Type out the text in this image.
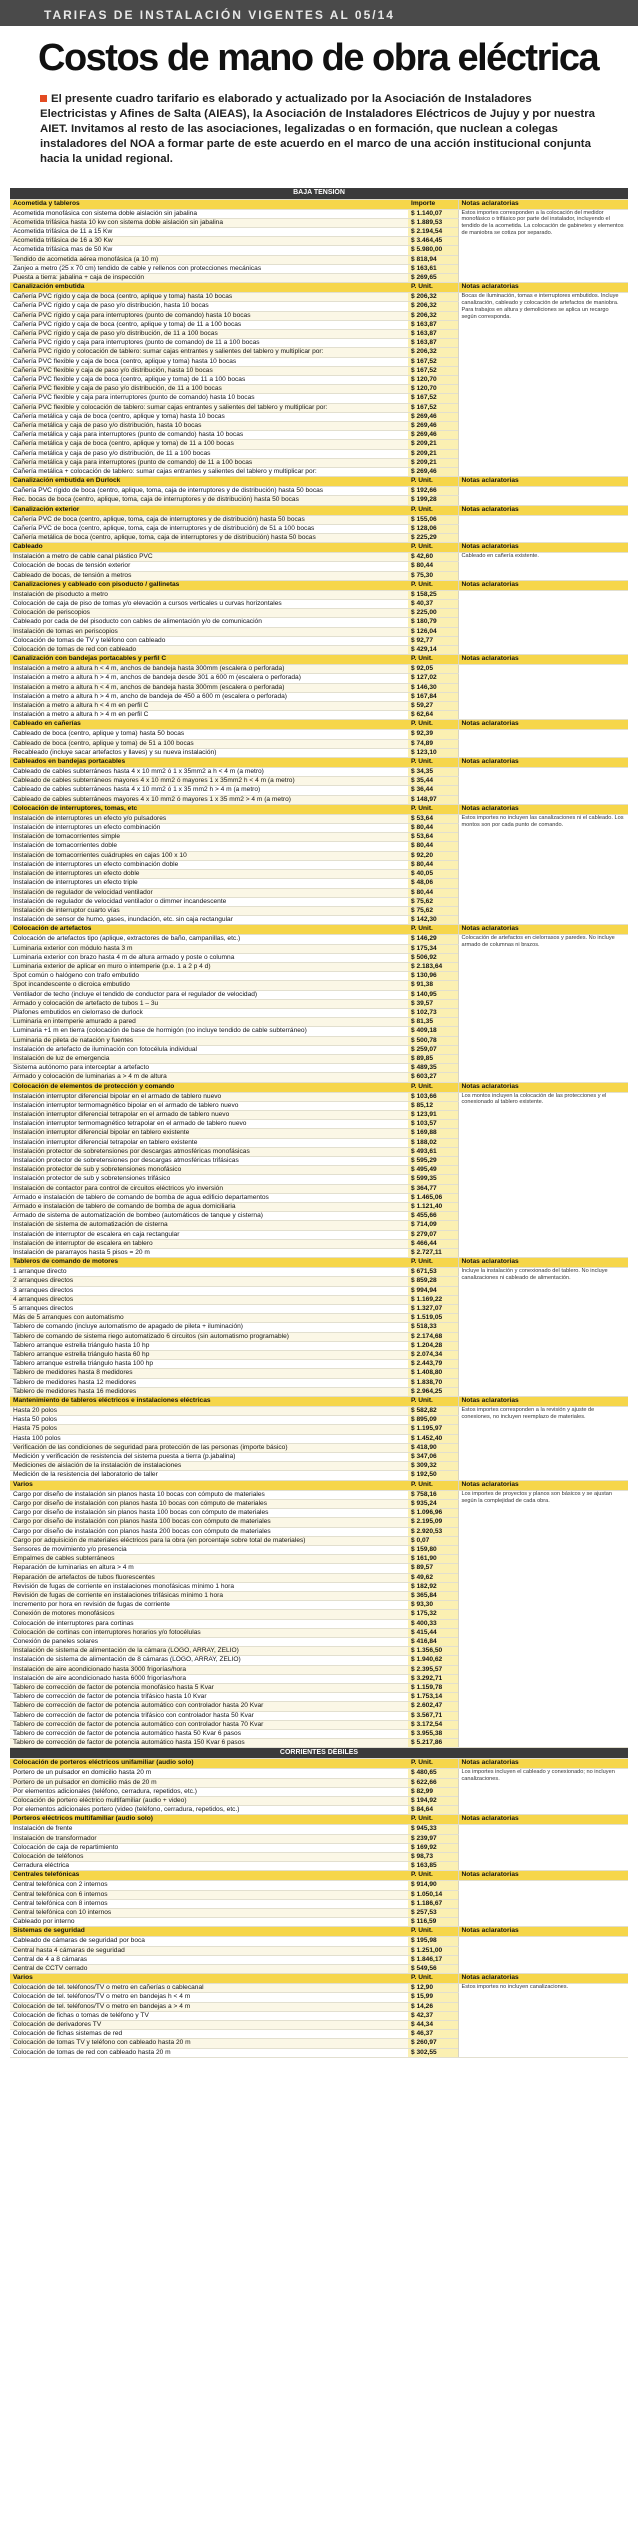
TARIFAS DE INSTALACIÓN VIGENTES AL 05/14
Costos de mano de obra eléctrica

El presente cuadro tarifario es elaborado y actualizado por la Asociación de Instaladores Electricistas y Afines de Salta (AIEAS), la Asociación de Instaladores Eléctricos de Jujuy y por nuestra AIET. Invitamos al resto de las asociaciones, legalizadas o en formación, que nuclean a colegas instaladores del NOA a formar parte de este acuerdo en el marco de una acción institucional conjunta hacia la unidad regional.

BAJA TENSIÓN		
Acometida y tableros	Importe	Notas aclaratorias
Acometida monofásica con sistema doble aislación sin jabalina	$ 1.140,07	Estos importes corresponden a la colocación del medidor monofásico o trifásico por parte del instalador, incluyendo el tendido de la acometida. La colocación de gabinetes y elementos de maniobra se cotiza por separado.
Acometida trifásica hasta 10 kw con sistema doble aislación sin jabalina	$ 1.889,53	
Acometida trifásica de 11 a 15 Kw	$ 2.194,54	
Acometida trifásica de 16 a 30 Kw	$ 3.464,45	
Acometida trifásica mas de 50 Kw	$ 5.980,00	
Tendido de acometida aérea monofásica (a 10 m)	$ 818,94	
Zanjeo a metro (25 x 70 cm) tendido de cable y rellenos con protecciones mecánicas	$ 163,61	
Puesta a tierra: jabalina + caja de inspección	$ 269,65	
Canalización embutida	P. Unit.	Notas aclaratorias
Cañería PVC rígido y caja de boca (centro, aplique y toma) hasta 10 bocas	$ 206,32	Bocas de iluminación, tomas e interruptores embutidos. Incluye canalización, cableado y colocación de artefactos de maniobra. Para trabajos en altura y demoliciones se aplica un recargo según corresponda.
Cañería PVC rígido y caja de paso y/o distribución, hasta 10 bocas	$ 206,32	
Cañería PVC rígido y caja para interruptores (punto de comando) hasta 10 bocas	$ 206,32	
Cañería PVC rígido y caja de boca (centro, aplique y toma) de 11 a 100 bocas	$ 163,87	
Cañería PVC rígido y caja de paso y/o distribución, de 11 a 100 bocas	$ 163,87	
Cañería PVC rígido y caja para interruptores (punto de comando) de 11 a 100 bocas	$ 163,87	
Cañería PVC rígido y colocación de tablero: sumar cajas entrantes y salientes del tablero y multiplicar por:	$ 206,32	
Cañería PVC flexible y caja de boca (centro, aplique y toma) hasta 10 bocas	$ 167,52	
Cañería PVC flexible y caja de paso y/o distribución, hasta 10 bocas	$ 167,52	
Cañería PVC flexible y caja de boca (centro, aplique y toma) de 11 a 100 bocas	$ 120,70	
Cañería PVC flexible y caja de paso y/o distribución, de 11 a 100 bocas	$ 120,70	
Cañería PVC flexible y caja para interruptores (punto de comando) hasta 10 bocas	$ 167,52	
Cañería PVC flexible y colocación de tablero: sumar cajas entrantes y salientes del tablero y multiplicar por:	$ 167,52	
Cañería metálica y caja de boca (centro, aplique y toma) hasta 10 bocas	$ 269,46	
Cañería metálica y caja de paso y/o distribución, hasta 10 bocas	$ 269,46	
Cañería metálica y caja para interruptores (punto de comando) hasta 10 bocas	$ 269,46	
Cañería metálica y caja de boca (centro, aplique y toma) de 11 a 100 bocas	$ 209,21	
Cañería metálica y caja de paso y/o distribución, de 11 a 100 bocas	$ 209,21	
Cañería metálica y caja para interruptores (punto de comando) de 11 a 100 bocas	$ 209,21	
Cañería metálica + colocación de tablero: sumar cajas entrantes y salientes del tablero y multiplicar por:	$ 269,46	
Canalización embutida en Durlock	P. Unit.	Notas aclaratorias
Cañería PVC rígido de boca (centro, aplique, toma, caja de interruptores y de distribución) hasta 50 bocas	$ 192,66	
Rec. bocas de boca (centro, aplique, toma, caja de interruptores y de distribución) hasta 50 bocas	$ 199,28	
Canalización exterior	P. Unit.	Notas aclaratorias
Cañería PVC de boca (centro, aplique, toma, caja de interruptores y de distribución) hasta 50 bocas	$ 155,06	
Cañería PVC de boca (centro, aplique, toma, caja de interruptores y de distribución) de 51 a 100 bocas	$ 128,06	
Cañería metálica de boca (centro, aplique, toma, caja de interruptores y de distribución) hasta 50 bocas	$ 225,29	
Cableado	P. Unit.	Notas aclaratorias
Instalación a metro de cable canal plástico PVC	$ 42,60	Cableado en cañería existente.
Colocación de bocas de tensión exterior	$ 80,44	
Cableado de bocas, de tensión a metros	$ 75,30	
Canalizaciones y cableado con pisoducto / gallinetas	P. Unit.	Notas aclaratorias
Instalación de pisoducto a metro	$ 158,25	
Colocación de caja de piso de tomas y/o elevación a cursos verticales u curvas horizontales	$ 40,37	
Colocación de periscopios	$ 225,00	
Cableado por cada de del pisoducto con cables de alimentación y/o de comunicación	$ 180,79	
Instalación de tomas en periscopios	$ 126,04	
Colocación de tomas de TV y teléfono con cableado	$ 92,77	
Colocación de tomas de red con cableado	$ 429,14	
Canalización con bandejas portacables y perfil C	P. Unit.	Notas aclaratorias
Instalación a metro a altura h < 4 m, anchos de bandeja hasta 300mm (escalera o perforada)	$ 92,05	
Instalación a metro a altura h > 4 m, anchos de bandeja desde 301 a 600 m (escalera o perforada)	$ 127,02	
Instalación a metro a altura h < 4 m, anchos de bandeja hasta 300mm (escalera o perforada)	$ 146,30	
Instalación a metro a altura h > 4 m, ancho de bandeja de 450 a 600 m (escalera o perforada)	$ 167,84	
Instalación a metro a altura h < 4 m en perfil C	$ 59,27	
Instalación a metro a altura h > 4 m en perfil C	$ 62,64	
Cableado en cañerías	P. Unit.	Notas aclaratorias
Cableado de boca (centro, aplique y toma) hasta 50 bocas	$ 92,39	
Cableado de boca (centro, aplique y toma) de 51 a 100 bocas	$ 74,89	
Recableado (incluye sacar artefactos y llaves) y su nueva instalación)	$ 123,10	
Cableados en bandejas portacables	P. Unit.	Notas aclaratorias
Cableado de cables subterráneos hasta 4 x 10 mm2 ó 1 x 35mm2 a h < 4 m (a metro)	$ 34,35	
Cableado de cables subterráneos mayores 4 x 10 mm2 ó mayores 1 x 35mm2 h < 4 m (a metro)	$ 35,44	
Cableado de cables subterráneos hasta 4 x 10 mm2 ó 1 x 35 mm2 h > 4 m (a metro)	$ 36,44	
Cableado de cables subterráneos mayores 4 x 10 mm2 ó mayores 1 x 35 mm2 > 4 m (a metro)	$ 148,97	
Colocación de interruptores, tomas, etc	P. Unit.	Notas aclaratorias
Instalación de interruptores un efecto y/o pulsadores	$ 53,64	Estos importes no incluyen las canalizaciones ni el cableado. Los montos son por cada punto de comando.
Instalación de interruptores un efecto combinación	$ 80,44	
Instalación de tomacorrientes simple	$ 53,64	
Instalación de tomacorrientes doble	$ 80,44	
Instalación de tomacorrientes cuádruples en cajas 100 x 10	$ 92,20	
Instalación de interruptores un efecto combinación doble	$ 80,44	
Instalación de interruptores un efecto doble	$ 40,05	
Instalación de interruptores un efecto triple	$ 48,06	
Instalación de regulador de velocidad ventilador	$ 80,44	
Instalación de regulador de velocidad ventilador o dimmer incandescente	$ 75,62	
Instalación de interruptor cuarto vías	$ 75,62	
Instalación de sensor de humo, gases, inundación, etc. sin caja rectangular	$ 142,30	
Colocación de artefactos	P. Unit.	Notas aclaratorias
Colocación de artefactos tipo (aplique, extractores de baño, campanillas, etc.)	$ 146,29	Colocación de artefactos en cielorrasos y paredes. No incluye armado de columnas ni brazos.
Luminaria exterior con módulo hasta 3 m	$ 175,34	
Luminaria exterior con brazo hasta 4 m de altura armado y poste o columna	$ 506,92	
Luminaria exterior de aplicar en muro o intemperie (p.e. 1 a 2 p 4 d)	$ 2.183,64	
Spot común o halógeno con trafo embutido	$ 130,96	
Spot incandescente o dicroica embutido	$ 91,38	
Ventilador de techo (incluye el tendido de conductor para el regulador de velocidad)	$ 140,95	
Armado y colocación de artefacto de tubos 1 – 3u	$ 39,57	
Plafones embutidos en cielorraso de durlock	$ 102,73	
Luminaria en intemperie amurado a pared	$ 81,35	
Luminaria +1 m en tierra (colocación de base de hormigón (no incluye tendido de cable subterráneo)	$ 409,18	
Luminaria de pileta de natación y fuentes	$ 500,78	
Instalación de artefacto de iluminación con fotocélula individual	$ 259,07	
Instalación de luz de emergencia	$ 89,85	
Sistema autónomo para interceptar a artefacto	$ 489,35	
Armado y colocación de luminarias a > 4 m de altura	$ 603,27	
Colocación de elementos de protección y comando	P. Unit.	Notas aclaratorias
Instalación interruptor diferencial bipolar en el armado de tablero nuevo	$ 103,66	Los montos incluyen la colocación de las protecciones y el conexionado al tablero existente.
Instalación interruptor termomagnético bipolar en el armado de tablero nuevo	$ 85,12	
Instalación interruptor diferencial tetrapolar en el armado de tablero nuevo	$ 123,91	
Instalación interruptor termomagnético tetrapolar en el armado de tablero nuevo	$ 103,57	
Instalación interruptor diferencial bipolar en tablero existente	$ 169,88	
Instalación interruptor diferencial tetrapolar en tablero existente	$ 188,02	
Instalación protector de sobretensiones por descargas atmosféricas monofásicas	$ 493,61	
Instalación protector de sobretensiones por descargas atmosféricas trifásicas	$ 595,29	
Instalación protector de sub y sobretensiones monofásico	$ 495,49	
Instalación protector de sub y sobretensiones trifásico	$ 599,35	
Instalación de contactor para control de circuitos eléctricos y/o inversión	$ 364,77	
Armado e instalación de tablero de comando de bomba de agua edificio departamentos	$ 1.465,06	
Armado e instalación de tablero de comando de bomba de agua domiciliaria	$ 1.121,40	
Armado de sistema de automatización de bombeo (automáticos de tanque y cisterna)	$ 455,66	
Instalación de sistema de automatización de cisterna	$ 714,09	
Instalación de interruptor de escalera en caja rectangular	$ 279,07	
Instalación de interruptor de escalera en tablero	$ 466,44	
Instalación de pararrayos hasta 5 pisos = 20 m	$ 2.727,11	
Tableros de comando de motores	P. Unit.	Notas aclaratorias
1 arranque directo	$ 671,53	Incluye la instalación y conexionado del tablero. No incluye canalizaciones ni cableado de alimentación.
2 arranques directos	$ 859,28	
3 arranques directos	$ 994,94	
4 arranques directos	$ 1.169,22	
5 arranques directos	$ 1.327,07	
Más de 5 arranques con automatismo	$ 1.519,05	
Tablero de comando (incluye automatismo de apagado de pileta + iluminación)	$ 518,33	
Tablero de comando de sistema riego automatizado 6 circuitos (sin automatismo programable)	$ 2.174,68	
Tablero arranque estrella triángulo hasta 10 hp	$ 1.204,28	
Tablero arranque estrella triángulo hasta 60 hp	$ 2.074,34	
Tablero arranque estrella triángulo hasta 100 hp	$ 2.443,79	
Tablero de medidores hasta 8 medidores	$ 1.408,80	
Tablero de medidores hasta 12 medidores	$ 1.838,70	
Tablero de medidores hasta 16 medidores	$ 2.964,25	
Mantenimiento de tableros eléctricos e instalaciones eléctricas	P. Unit.	Notas aclaratorias
Hasta 20 polos	$ 582,82	Estos importes corresponden a la revisión y ajuste de conexiones, no incluyen reemplazo de materiales.
Hasta 50 polos	$ 895,09	
Hasta 75 polos	$ 1.195,97	
Hasta 100 polos	$ 1.452,40	
Verificación de las condiciones de seguridad para protección de las personas (importe básico)	$ 418,90	
Medición y verificación de resistencia del sistema puesta a tierra (p.jabalina)	$ 347,06	
Mediciones de aislación de la instalación de instalaciones	$ 309,32	
Medición de la resistencia del laboratorio de taller	$ 192,50	
Varios	P. Unit.	Notas aclaratorias
Cargo por diseño de instalación sin planos hasta 10 bocas con cómputo de materiales	$ 758,16	Los importes de proyectos y planos son básicos y se ajustan según la complejidad de cada obra.
Cargo por diseño de instalación con planos hasta 10 bocas con cómputo de materiales	$ 935,24	
Cargo por diseño de instalación sin planos hasta 100 bocas con cómputo de materiales	$ 1.096,96	
Cargo por diseño de instalación con planos hasta 100 bocas con cómputo de materiales	$ 2.195,09	
Cargo por diseño de instalación con planos hasta 200 bocas con cómputo de materiales	$ 2.920,53	
Cargo por adquisición de materiales eléctricos para la obra (en porcentaje sobre total de materiales)	$ 0,07	
Sensores de movimiento y/o presencia	$ 159,80	
Empalmes de cables subterráneos	$ 161,90	
Reparación de luminarias en altura > 4 m	$ 89,57	
Reparación de artefactos de tubos fluorescentes	$ 49,62	
Revisión de fugas de corriente en instalaciones monofásicas mínimo 1 hora	$ 182,92	
Revisión de fugas de corriente en instalaciones trifásicas mínimo 1 hora	$ 365,84	
Incremento por hora en revisión de fugas de corriente	$ 93,30	
Conexión de motores monofásicos	$ 175,32	
Colocación de interruptores para cortinas	$ 400,33	
Colocación de cortinas con interruptores horarios y/o fotocélulas	$ 415,44	
Conexión de paneles solares	$ 416,84	
Instalación de sistema de alimentación de la cámara (LOGO, ARRAY, ZELIO)	$ 1.356,50	
Instalación de sistema de alimentación de 8 cámaras (LOGO, ARRAY, ZELIO)	$ 1.940,62	
Instalación de aire acondicionado hasta 3000 frigorías/hora	$ 2.395,57	
Instalación de aire acondicionado hasta 6000 frigorías/hora	$ 3.292,71	
Tablero de corrección de factor de potencia monofásico hasta 5 Kvar	$ 1.159,78	
Tablero de corrección de factor de potencia trifásico hasta 10 Kvar	$ 1.753,14	
Tablero de corrección de factor de potencia automático con controlador hasta 20 Kvar	$ 2.602,47	
Tablero de corrección de factor de potencia trifásico con controlador hasta 50 Kvar	$ 3.567,71	
Tablero de corrección de factor de potencia automático con controlador hasta 70 Kvar	$ 3.172,54	
Tablero de corrección de factor de potencia automático hasta 50 Kvar 6 pasos	$ 3.955,38	
Tablero de corrección de factor de potencia automático hasta 150 Kvar 6 pasos	$ 5.217,86	
CORRIENTES DÉBILES		
Colocación de porteros eléctricos unifamiliar (audio solo)	P. Unit.	Notas aclaratorias
Portero de un pulsador en domicilio hasta 20 m	$ 480,65	Los importes incluyen el cableado y conexionado; no incluyen canalizaciones.
Portero de un pulsador en domicilio más de 20 m	$ 622,66	
Por elementos adicionales (teléfono, cerradura, repetidos, etc.)	$ 82,99	
Colocación de portero eléctrico multifamiliar (audio + video)	$ 194,92	
Por elementos adicionales portero (video (teléfono, cerradura, repetidos, etc.)	$ 84,64	
Porteros eléctricos multifamiliar (audio solo)	P. Unit.	Notas aclaratorias
Instalación de frente	$ 945,33	
Instalación de transformador	$ 239,97	
Colocación de caja de repartimiento	$ 169,92	
Colocación de teléfonos	$ 98,73	
Cerradura eléctrica	$ 163,85	
Centrales telefónicas	P. Unit.	Notas aclaratorias
Central telefónica con 2 internos	$ 914,90	
Central telefónica con 6 internos	$ 1.050,14	
Central telefónica con 8 internos	$ 1.186,67	
Central telefónica con 10 internos	$ 257,53	
Cableado por interno	$ 116,59	
Sistemas de seguridad	P. Unit.	Notas aclaratorias
Cableado de cámaras de seguridad por boca	$ 195,98	
Central hasta 4 cámaras de seguridad	$ 1.251,00	
Central de 4 a 8 cámaras	$ 1.846,17	
Central de CCTV cerrado	$ 549,56	
Varios	P. Unit.	Notas aclaratorias
Colocación de tel. teléfonos/TV o metro en cañerías o cablecanal	$ 12,90	Estos importes no incluyen canalizaciones.
Colocación de tel. teléfonos/TV o metro en bandejas h < 4 m	$ 15,99	
Colocación de tel. teléfonos/TV o metro en bandejas a > 4 m	$ 14,26	
Colocación de fichas o tomas de teléfono y TV	$ 42,37	
Colocación de derivadores TV	$ 44,34	
Colocación de fichas sistemas de red	$ 46,37	
Colocación de tomas TV y teléfono con cableado hasta 20 m	$ 260,97	
Colocación de tomas de red con cableado hasta 20 m	$ 302,55	
